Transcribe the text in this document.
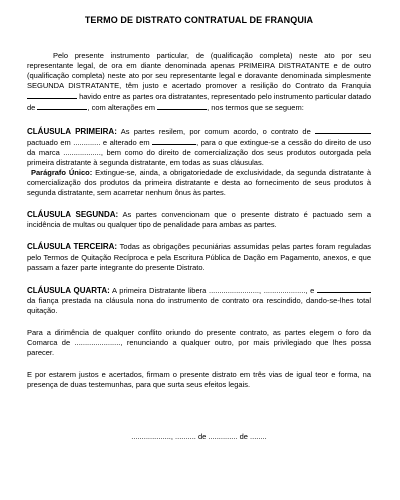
TERMO DE DISTRATO CONTRATUAL DE FRANQUIA

Pelo presente instrumento particular, de (qualificação completa) neste ato por seu representante legal, de ora em diante denominada apenas PRIMEIRA DISTRATANTE e de outro (qualificação completa) neste ato por seu representante legal e doravante denominada simplesmente SEGUNDA DISTRATANTE, têm justo e acertado promover a resilição do Contrato da Franquia  havido entre as partes ora distratantes, representado pelo instrumento particular datado de	, com alterações em	, nos termos que se seguem:

CLÁUSULA PRIMEIRA: As partes resilem, por comum acordo, o contrato de  pactuado em ............. e alterado em	, para o que extingue-se a cessão do direito de uso da marca .................., bem como do direito de comercialização dos seus produtos outorgada pela primeira distratante à segunda distratante, em todas as suas cláusulas.

Parágrafo Único: Extingue-se, ainda, a obrigatoriedade de exclusividade, da segunda distratante à comercialização dos produtos da primeira distratante e desta ao fornecimento de seus produtos à segunda distratante, sem acarretar nenhum ônus às partes.

CLÁUSULA SEGUNDA: As partes convencionam que o presente distrato é pactuado sem a incidência de multas ou qualquer tipo de penalidade para ambas as partes.

CLÁUSULA TERCEIRA: Todas as obrigações pecuniárias assumidas pelas partes foram reguladas pelo Termos de Quitação Recíproca e pela Escritura Pública de Dação em Pagamento, anexos, e que passam a fazer parte integrante do presente Distrato.

CLÁUSULA QUARTA: A primeira Distratante libera ........................, ...................., e  da fiança prestada na cláusula nona do instrumento de contrato ora rescindido, dando-se-lhes total quitação.

Para a dirimência de qualquer conflito oriundo do presente contrato, as partes elegem o foro da Comarca de ......................, renunciando a qualquer outro, por mais privilegiado que lhes possa parecer.

E por estarem justos e acertados, firmam o presente distrato em três vias de igual teor e forma, na presença de duas testemunhas, para que surta seus efeitos legais.

..................., .......... de .............. de ........
